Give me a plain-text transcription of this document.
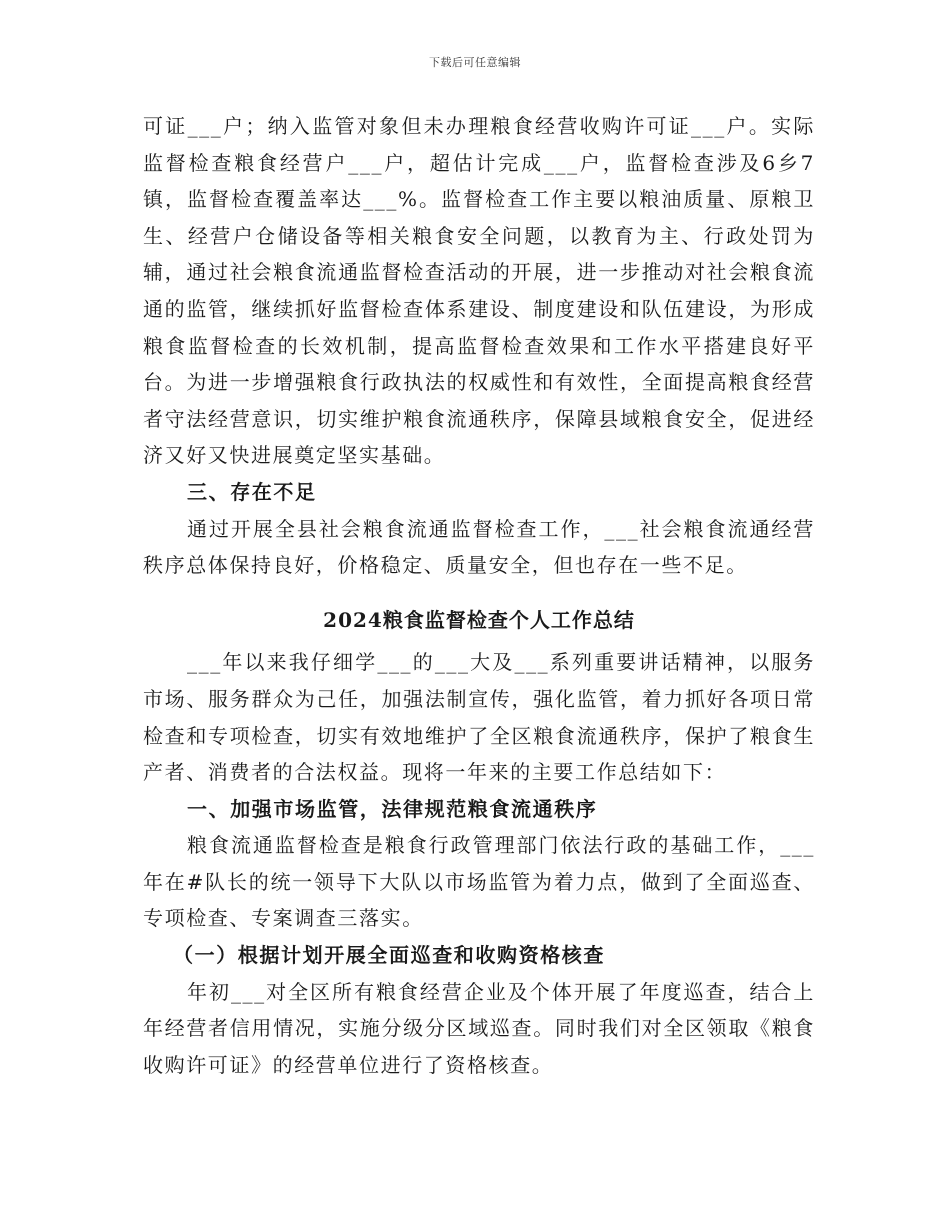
下载后可任意编辑

可证___户；纳入监管对象但未办理粮食经营收购许可证___户。实际监督检查粮食经营户___户，超估计完成___户，监督检查涉及6乡7镇，监督检查覆盖率达___%。监督检查工作主要以粮油质量、原粮卫生、经营户仓储设备等相关粮食安全问题，以教育为主、行政处罚为辅，通过社会粮食流通监督检查活动的开展，进一步推动对社会粮食流通的监管，继续抓好监督检查体系建设、制度建设和队伍建设，为形成粮食监督检查的长效机制，提高监督检查效果和工作水平搭建良好平台。为进一步增强粮食行政执法的权威性和有效性，全面提高粮食经营者守法经营意识，切实维护粮食流通秩序，保障县域粮食安全，促进经济又好又快进展奠定坚实基础。

三、存在不足

通过开展全县社会粮食流通监督检查工作，___社会粮食流通经营秩序总体保持良好，价格稳定、质量安全，但也存在一些不足。

2024粮食监督检查个人工作总结

___年以来我仔细学___的___大及___系列重要讲话精神，以服务市场、服务群众为己任，加强法制宣传，强化监管，着力抓好各项日常检查和专项检查，切实有效地维护了全区粮食流通秩序，保护了粮食生产者、消费者的合法权益。现将一年来的主要工作总结如下：

一、加强市场监管，法律规范粮食流通秩序

粮食流通监督检查是粮食行政管理部门依法行政的基础工作，___年在#队长的统一领导下大队以市场监管为着力点，做到了全面巡查、专项检查、专案调查三落实。

（一）根据计划开展全面巡查和收购资格核查

年初___对全区所有粮食经营企业及个体开展了年度巡查，结合上年经营者信用情况，实施分级分区域巡查。同时我们对全区领取《粮食收购许可证》的经营单位进行了资格核查。
